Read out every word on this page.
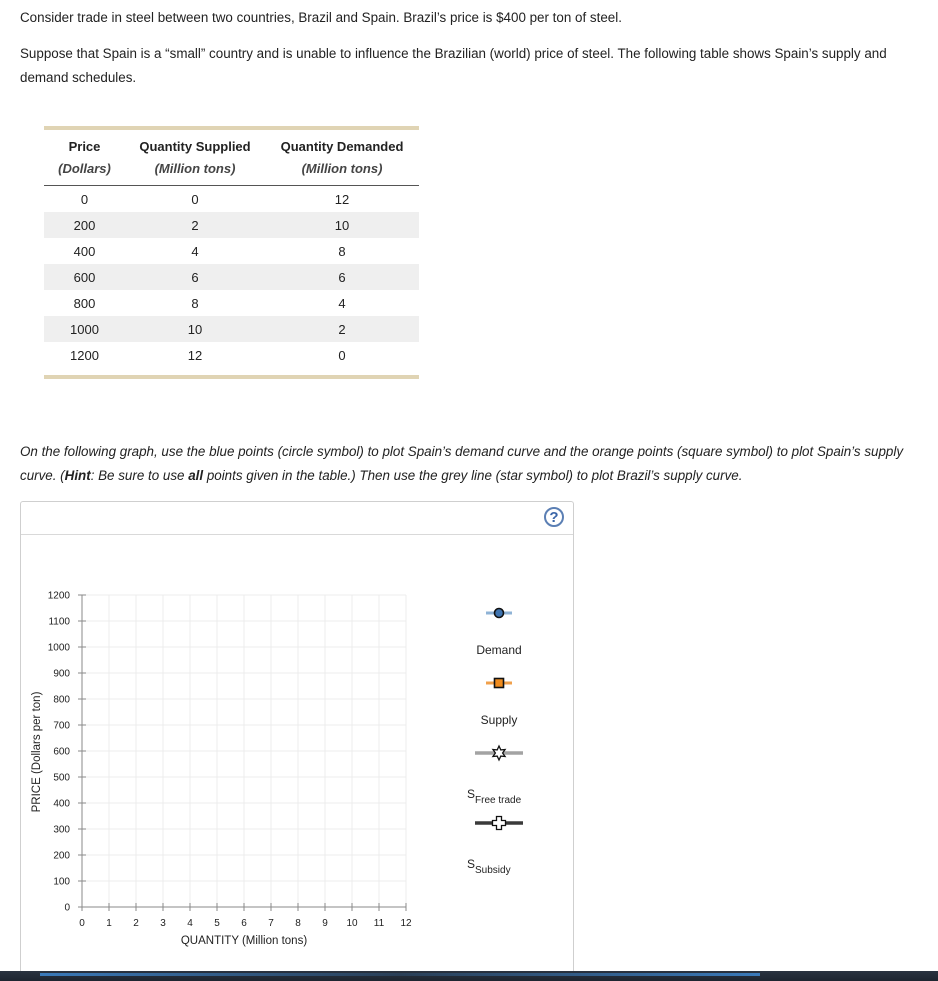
Consider trade in steel between two countries, Brazil and Spain. Brazil’s price is $400 per ton of steel.
Suppose that Spain is a “small” country and is unable to influence the Brazilian (world) price of steel. The following table shows Spain’s supply and demand schedules.
Price
(Dollars)
Quantity Supplied
(Million tons)
Quantity Demanded
(Million tons)
0	0	12
200	2	10
400	4	8
600	6	6
800	8	4
1000	10	2
1200	12	0
On the following graph, use the blue points (circle symbol) to plot Spain’s demand curve and the orange points (square symbol) to plot Spain’s supply curve. (Hint: Be sure to use all points given in the table.) Then use the grey line (star symbol) to plot Brazil’s supply curve.
?
0
100
200
300
400
500
600
700
800
900
1000
1100
1200
0 1 2 3 4 5 6 7 8 9 10 11 12
QUANTITY (Million tons)
PRICE (Dollars per ton)
Demand
Supply
$S_{Free trade}$
$S_{Subsidy}$
